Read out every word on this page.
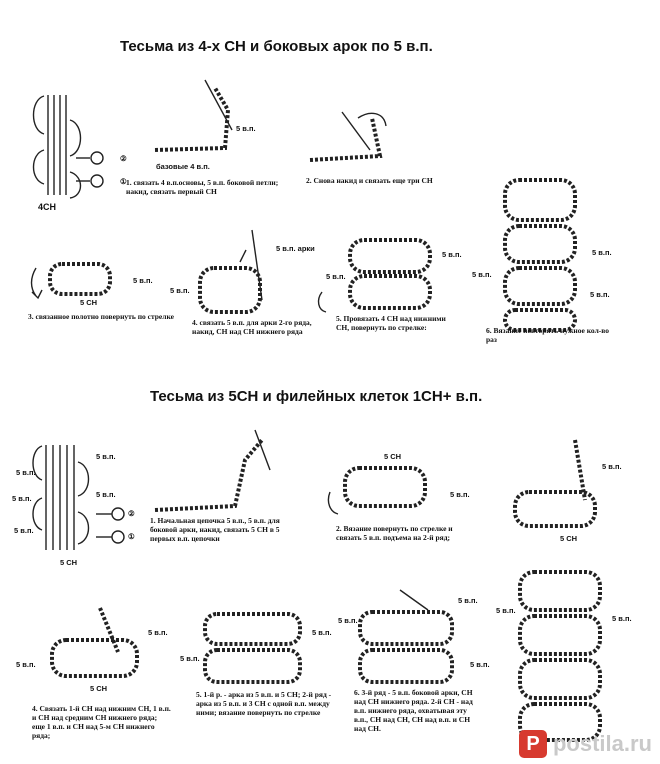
Тесьма из 4-х СН и боковых арок по 5 в.п.
Тесьма из 5СН и филейных клеток 1СН+ в.п.
4СН
②
①
базовые 4 в.п.
5 в.п.
1. связать 4 в.п.основы, 5 в.п. боковой петли; накид, связать первый СН
2. Снова накид и связать еще три СН
5 в.п.
5 СН
3. связанное полотно повернуть по стрелке
5 в.п. арки
5 в.п.
4. связать 5 в.п. для арки 2-го ряда, накид, СН над СН нижнего ряда
5 в.п.
5 в.п.
5. Провязать 4 СН над нижними СН, повернуть по стрелке:
5 в.п.
5 в.п.
5 в.п.
6. Вязание повторять нужное кол-во раз
5 в.п.
5 в.п.
5 в.п.	5 в.п.
5 в.п.
5 СН
②
①
1. Начальная цепочка 5 в.п., 5 в.п. для боковой арки, накид, связать 5 СН в 5 первых в.п. цепочки
5 СН
5 в.п.
2. Вязание повернуть по стрелке и связать 5 в.п. подъема на 2-й ряд;
5 в.п.
5 СН
5 в.п.
5 в.п.
5 СН
4. Связать 1-й СН над нижним СН, 1 в.п. и СН над средним СН нижнего ряда; еще 1 в.п. и СН над 5-м СН нижнего ряда;
5 в.п.
5 в.п.
5. 1-й р. - арка из 5 в.п. и 5 СН; 2-й ряд - арка из 5 в.п. и 3 СН с одной в.п. между ними; вязание повернуть по стрелке
5 в.п.
5 в.п.
5 в.п.
6. 3-й ряд - 5 в.п. боковой арки, СН над СН нижнего ряда. 2-й СН - над в.п. нижнего ряда, охватывая эту в.п., СН над СН, СН над в.п. и СН над СН.
5 в.п.
5 в.п.
P postila.ru
